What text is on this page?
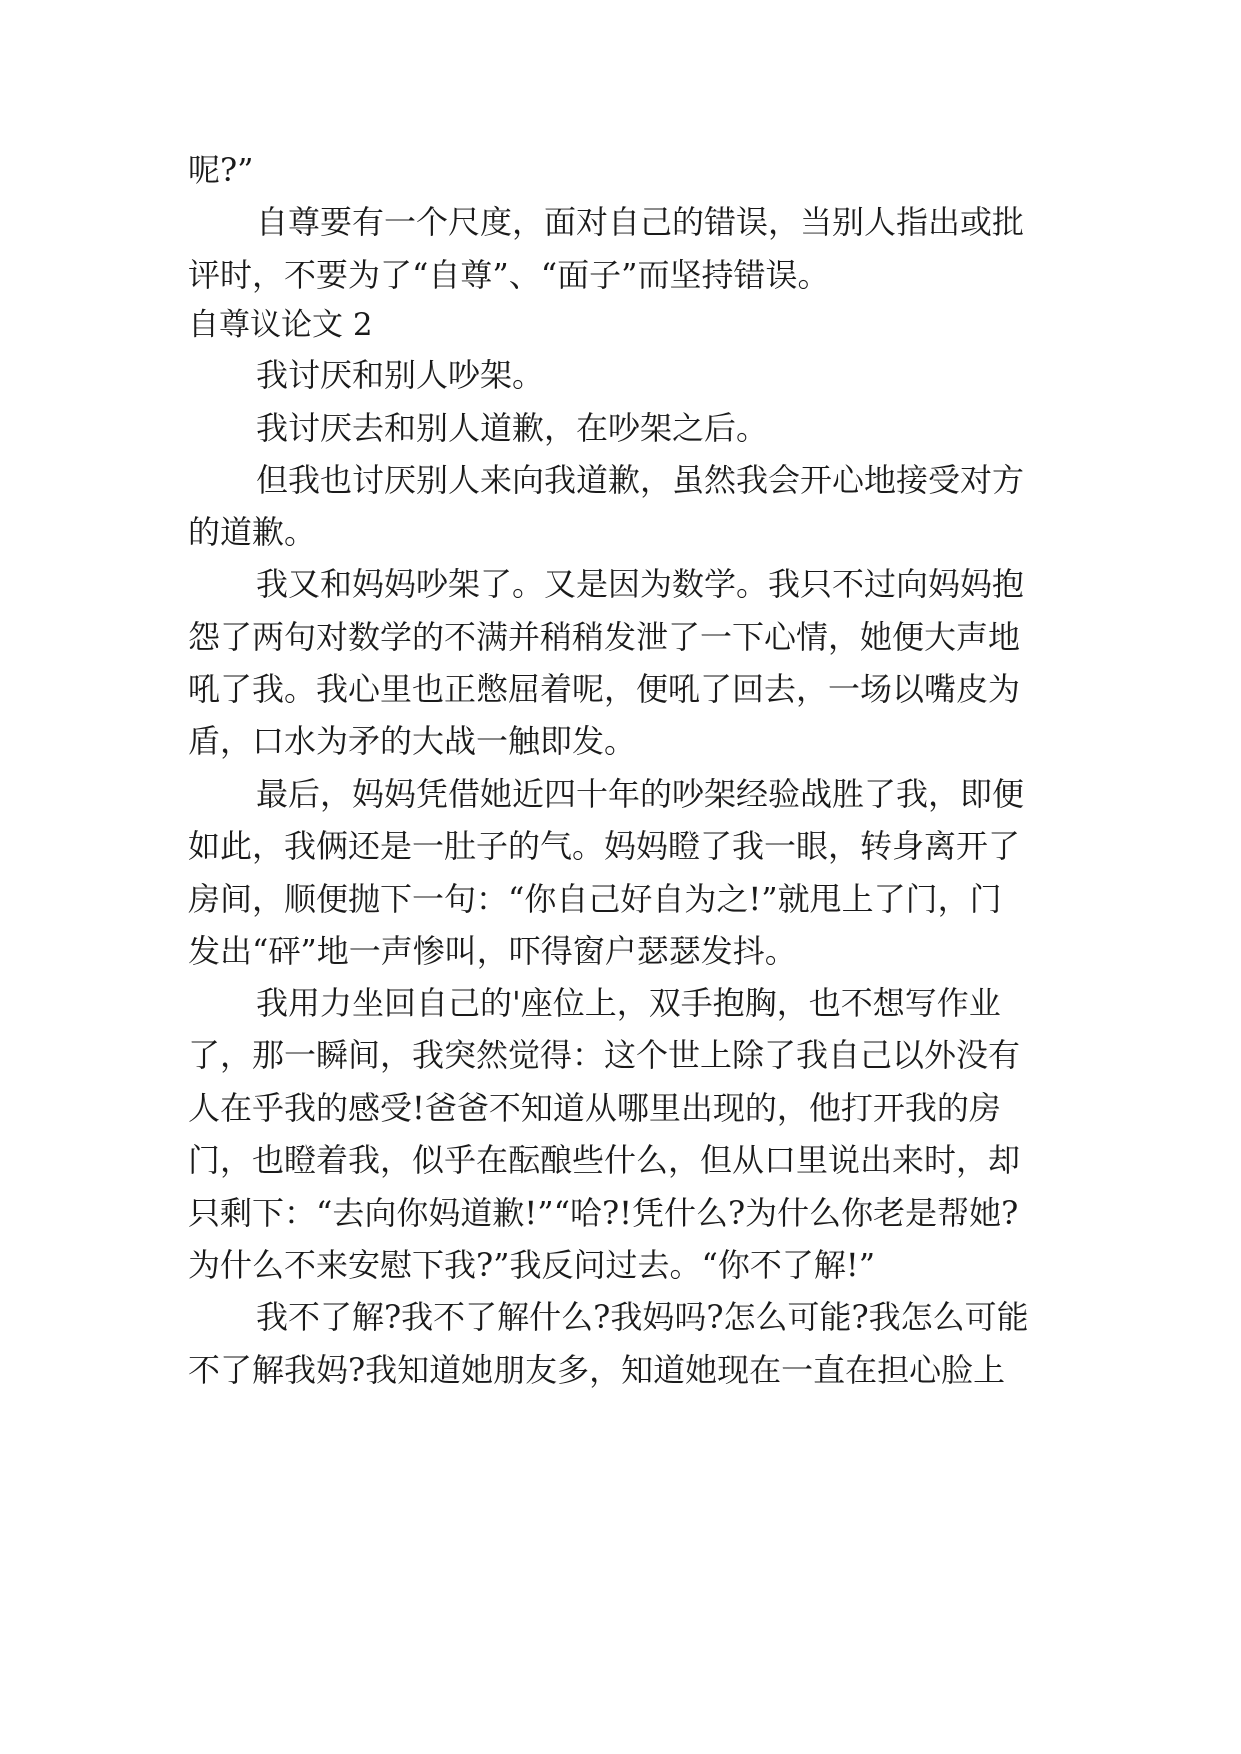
呢?”
自尊要有一个尺度，面对自己的错误，当别人指出或批
评时，不要为了“自尊”、“面子”而坚持错误。
自尊议论文 2
我讨厌和别人吵架。
我讨厌去和别人道歉，在吵架之后。
但我也讨厌别人来向我道歉，虽然我会开心地接受对方
的道歉。
我又和妈妈吵架了。又是因为数学。我只不过向妈妈抱
怨了两句对数学的不满并稍稍发泄了一下心情，她便大声地
吼了我。我心里也正憋屈着呢，便吼了回去，一场以嘴皮为
盾，口水为矛的大战一触即发。
最后，妈妈凭借她近四十年的吵架经验战胜了我，即便
如此，我俩还是一肚子的气。妈妈瞪了我一眼，转身离开了
房间，顺便抛下一句：“你自己好自为之!”就甩上了门，门
发出“砰”地一声惨叫，吓得窗户瑟瑟发抖。
我用力坐回自己的'座位上，双手抱胸，也不想写作业
了，那一瞬间，我突然觉得：这个世上除了我自己以外没有
人在乎我的感受!爸爸不知道从哪里出现的，他打开我的房
门，也瞪着我，似乎在酝酿些什么，但从口里说出来时，却
只剩下：“去向你妈道歉!”“哈?!凭什么?为什么你老是帮她?
为什么不来安慰下我?”我反问过去。“你不了解!”
我不了解?我不了解什么?我妈吗?怎么可能?我怎么可能
不了解我妈?我知道她朋友多，知道她现在一直在担心脸上
